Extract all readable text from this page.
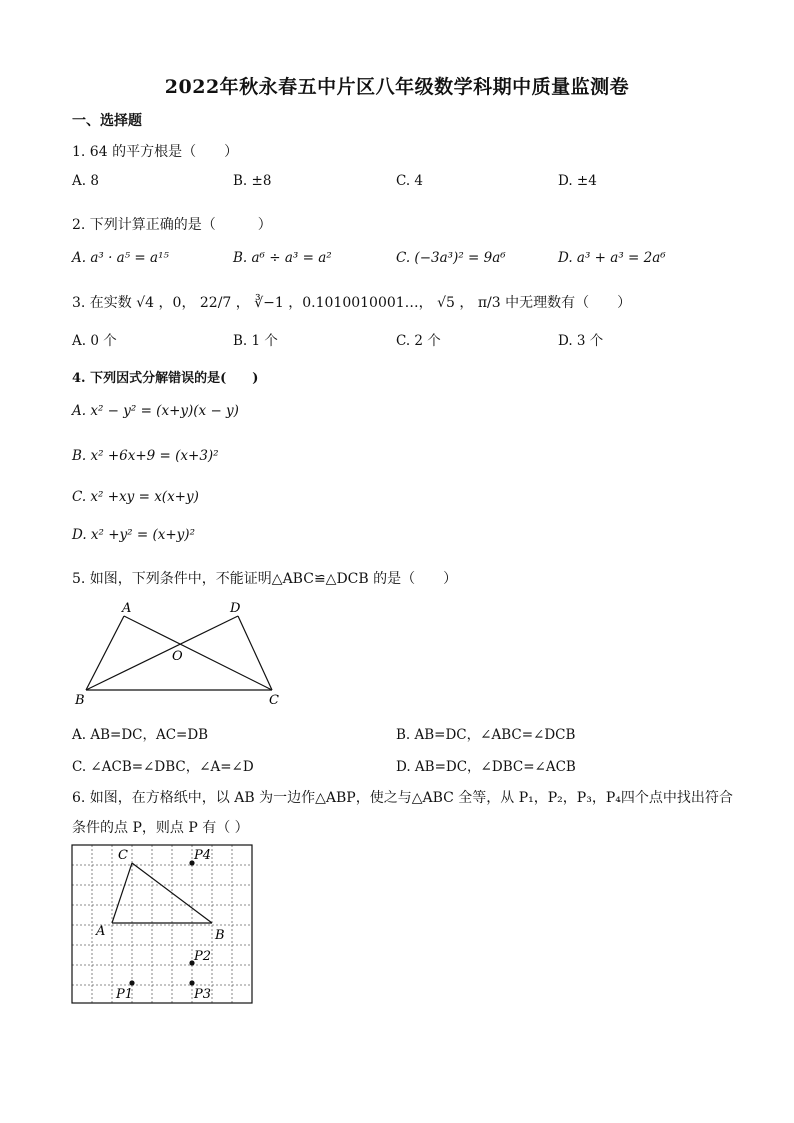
2022年秋永春五中片区八年级数学科期中质量监测卷
一、选择题
1. 64 的平方根是（　　）
A. 8	B. ±8	C. 4	D. ±4
2. 下列计算正确的是（　　　）
A. a³ · a⁵ = a¹⁵	B. a⁶ ÷ a³ = a²	C. (−3a³)² = 9a⁶	D. a³ + a³ = 2a⁶
3. 在实数 √4 ，0， 22/7 ， ∛−1 ，0.1010010001…， √5 ， π/3 中无理数有（　　）
A. 0 个	B. 1 个	C. 2 个	D. 3 个
4. 下列因式分解错误的是(　　)
A. x² − y² = (x+y)(x − y)
B. x² +6x+9 = (x+3)²
C. x² +xy = x(x+y)
D. x² +y² = (x+y)²
5. 如图，下列条件中，不能证明△ABC≌△DCB 的是（　　）
A	D
O
B	C
A. AB=DC，AC=DB	B. AB=DC，∠ABC=∠DCB
C. ∠ACB=∠DBC，∠A=∠D	D. AB=DC，∠DBC=∠ACB
6. 如图，在方格纸中，以 AB 为一边作△ABP，使之与△ABC 全等，从 P₁，P₂，P₃，P₄四个点中找出符合
条件的点 P，则点 P 有（ ）
C	P4
A	B
P2
P1	P3
